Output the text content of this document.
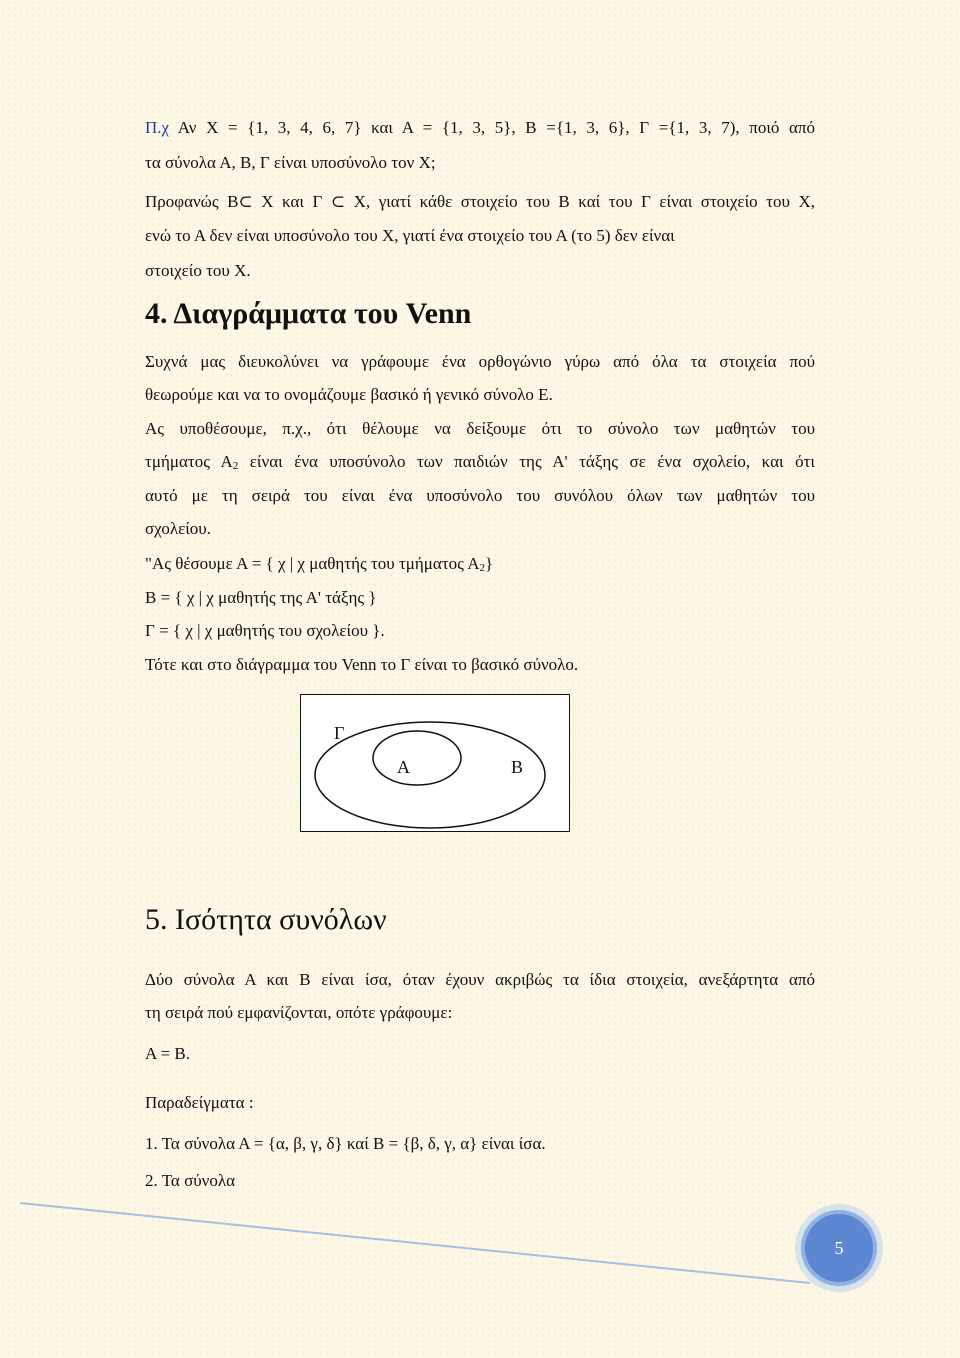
Π.χ Αν Χ = {1, 3, 4, 6, 7} και Α = {1, 3, 5}, Β ={1, 3, 6}, Γ ={1, 3, 7), ποιό από
τα σύνολα Α, Β, Γ είναι υποσύνολο τον Χ;
Προφανώς Β⊂ Χ και Γ ⊂ Χ, γιατί κάθε στοιχείο του Β καί του Γ είναι στοιχείο του Χ,
ενώ το Α δεν είναι υποσύνολο του Χ, γιατί ένα στοιχείο του Α (το 5) δεν είναι
στοιχείο του Χ.
4. Διαγράμματα του Venn
Συχνά μας διευκολύνει να γράφουμε ένα ορθογώνιο γύρω από όλα τα στοιχεία πού
θεωρούμε και να το ονομάζουμε βασικό ή γενικό σύνολο Ε.
Ας υποθέσουμε, π.χ., ότι θέλουμε να δείξουμε ότι το σύνολο των μαθητών του
τμήματος $A_2$ είναι ένα υποσύνολο των παιδιών της Α' τάξης σε ένα σχολείο, και ότι
αυτό με τη σειρά του είναι ένα υποσύνολο του συνόλου όλων των μαθητών του
σχολείου.
"Ας θέσουμε Α = { χ | χ μαθητής του τμήματος $A_2$}
Β = { χ | χ μαθητής της Α' τάξης }
Γ = { χ | χ μαθητής του σχολείου }.
Τότε και στο διάγραμμα του Venn το Γ είναι το βασικό σύνολο.
Γ
Α	Β
5. Ισότητα συνόλων
Δύο σύνολα Α και Β είναι ίσα, όταν έχουν ακριβώς τα ίδια στοιχεία, ανεξάρτητα από
τη σειρά πού εμφανίζονται, οπότε γράφουμε:
Α = Β.
Παραδείγματα :
1. Τα σύνολα Α = {α, β, γ, δ} καί Β = {β, δ, γ, α} είναι ίσα.
2. Τα σύνολα
5
